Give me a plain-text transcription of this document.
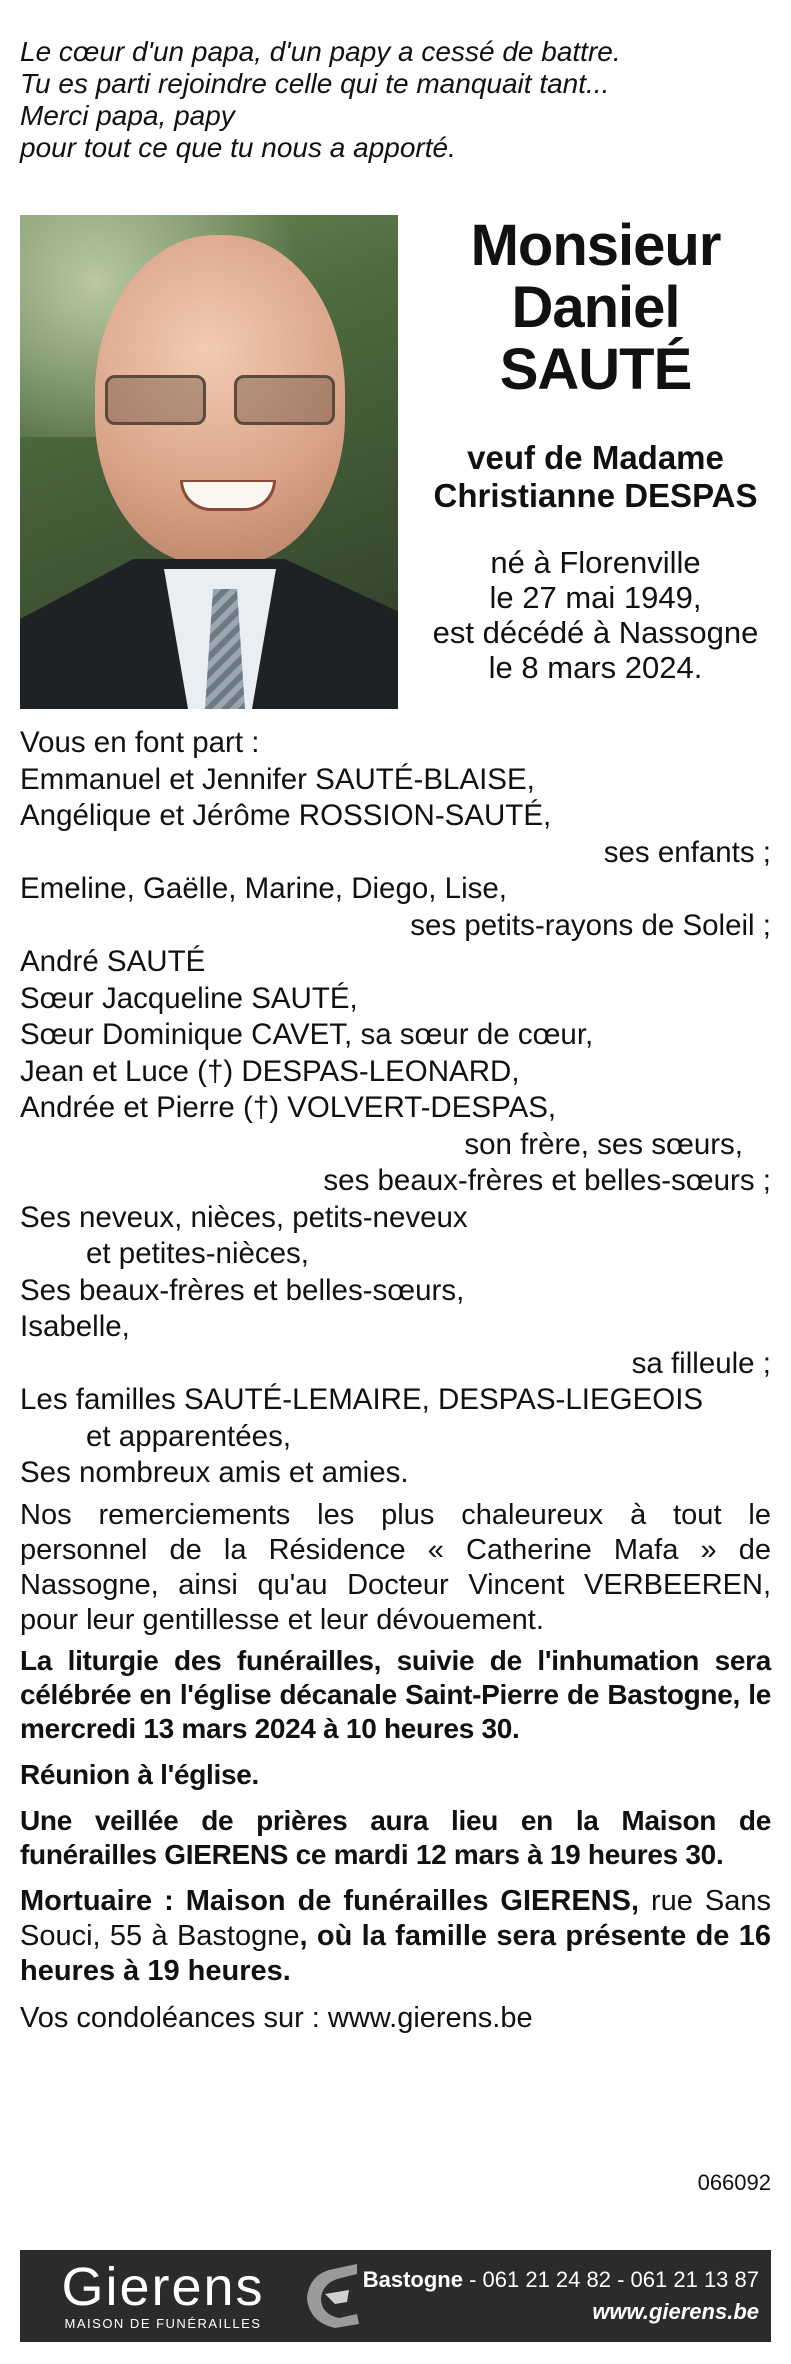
Le cœur d'un papa, d'un papy a cessé de battre.
Tu es parti rejoindre celle qui te manquait tant...
Merci papa, papy
pour tout ce que tu nous a apporté.
Monsieur
Daniel
SAUTÉ
veuf de Madame
Christianne DESPAS
né à Florenville
le 27 mai 1949,
est décédé à Nassogne
le 8 mars 2024.
Vous en font part :
Emmanuel et Jennifer SAUTÉ-BLAISE,
Angélique et Jérôme ROSSION-SAUTÉ,
ses enfants ;
Emeline, Gaëlle, Marine, Diego, Lise,
ses petits-rayons de Soleil ;
André SAUTÉ
Sœur Jacqueline SAUTÉ,
Sœur Dominique CAVET, sa sœur de cœur,
Jean et Luce (†) DESPAS-LEONARD,
Andrée et Pierre (†) VOLVERT-DESPAS,
son frère, ses sœurs,
ses beaux-frères et belles-sœurs ;
Ses neveux, nièces, petits-neveux
et petites-nièces,
Ses beaux-frères et belles-sœurs,
Isabelle,
sa filleule ;
Les familles SAUTÉ-LEMAIRE, DESPAS-LIEGEOIS
et apparentées,
Ses nombreux amis et amies.
Nos remerciements les plus chaleureux à tout le personnel de la Résidence « Catherine Mafa » de Nassogne, ainsi qu'au Docteur Vincent VERBEEREN, pour leur gentillesse et leur dévouement.
La liturgie des funérailles, suivie de l'inhumation sera célébrée en l'église décanale Saint-Pierre de Bastogne, le mercredi 13 mars 2024 à 10 heures 30.
Réunion à l'église.
Une veillée de prières aura lieu en la Maison de funérailles GIERENS ce mardi 12 mars à 19 heures 30.
Mortuaire : Maison de funérailles GIERENS, rue Sans Souci, 55 à Bastogne, où la famille sera présente de 16 heures à 19 heures.
Vos condoléances sur : www.gierens.be
066092
Gierens
MAISON DE FUNÉRAILLES
Bastogne - 061 21 24 82 - 061 21 13 87
www.gierens.be
